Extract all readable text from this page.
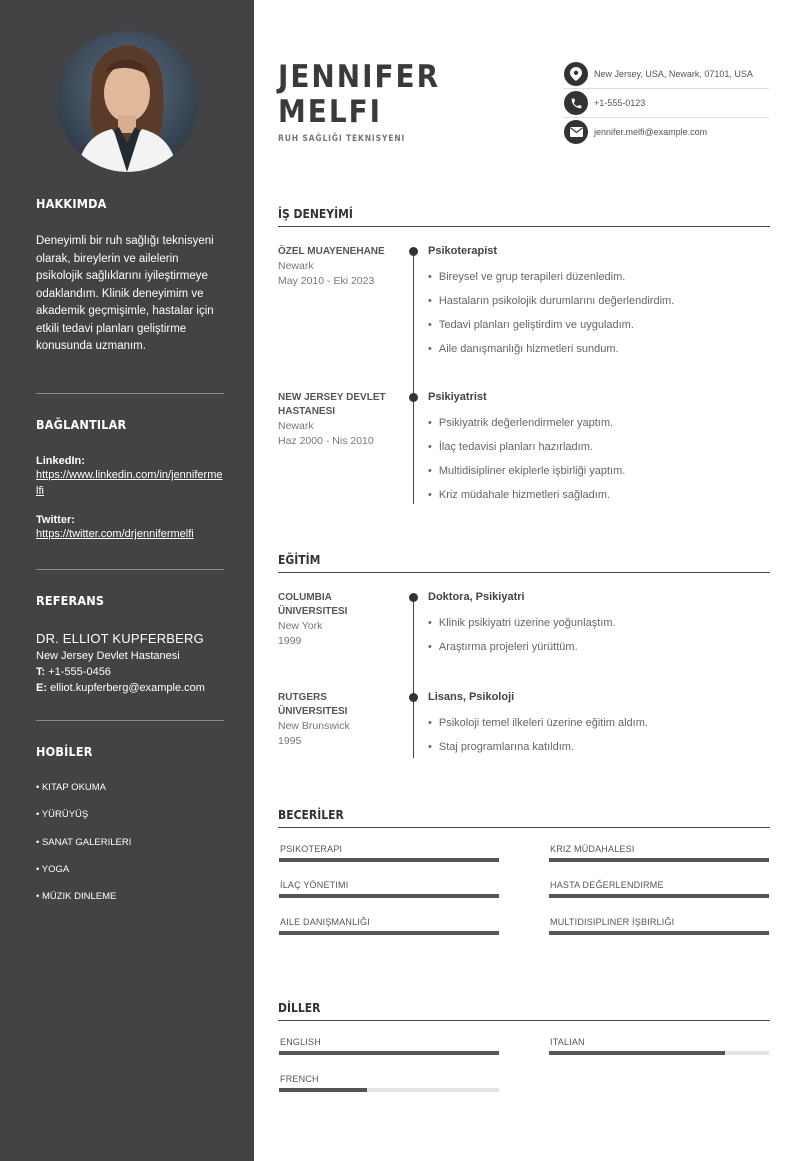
HAKKIMDA
Deneyimli bir ruh sağlığı teknisyeni olarak, bireylerin ve ailelerin psikolojik sağlıklarını iyileştirmeye odaklandım. Klinik deneyimim ve akademik geçmişimle, hastalar için etkili tedavi planları geliştirme konusunda uzmanım.
BAĞLANTILAR
LinkedIn:
https://www.linkedin.com/in/jennifermelfi
Twitter:
https://twitter.com/drjennifermelfi
REFERANS
DR. ELLIOT KUPFERBERG
New Jersey Devlet Hastanesi
T: +1-555-0456
E: elliot.kupferberg@example.com
HOBİLER
• KITAP OKUMA
• YÜRÜYÜŞ
• SANAT GALERILERI
• YOGA
• MÜZIK DINLEME
JENNIFER
MELFI
RUH SAĞLIĞI TEKNISYENI
New Jersey, USA, Newark, 07101, USA
+1-555-0123
jennifer.melfi@example.com
İŞ DENEYİMİ
ÖZEL MUAYENEHANE
Newark
May 2010 - Eki 2023
Psikoterapist
• Bireysel ve grup terapileri düzenledim.
• Hastaların psikolojik durumlarını değerlendirdim.
• Tedavi planları geliştirdim ve uyguladım.
• Aile danışmanlığı hizmetleri sundum.
NEW JERSEY DEVLET HASTANESI
Newark
Haz 2000 - Nis 2010
Psikiyatrist
• Psikiyatrik değerlendirmeler yaptım.
• İlaç tedavisi planları hazırladım.
• Multidisipliner ekiplerle işbirliği yaptım.
• Kriz müdahale hizmetleri sağladım.
EĞİTİM
COLUMBIA ÜNIVERSITESI
New York
1999
Doktora, Psikiyatri
• Klinik psikiyatri üzerine yoğunlaştım.
• Araştırma projeleri yürüttüm.
RUTGERS ÜNIVERSITESI
New Brunswick
1995
Lisans, Psikoloji
• Psikoloji temel ilkeleri üzerine eğitim aldım.
• Staj programlarına katıldım.
BECERİLER
PSIKOTERAPI	KRIZ MÜDAHALESI
İLAÇ YÖNETIMI	HASTA DEĞERLENDIRME
AILE DANIŞMANLIĞI	MULTIDISIPLINER İŞBIRLIĞI
DİLLER
ENGLISH	ITALIAN
FRENCH
